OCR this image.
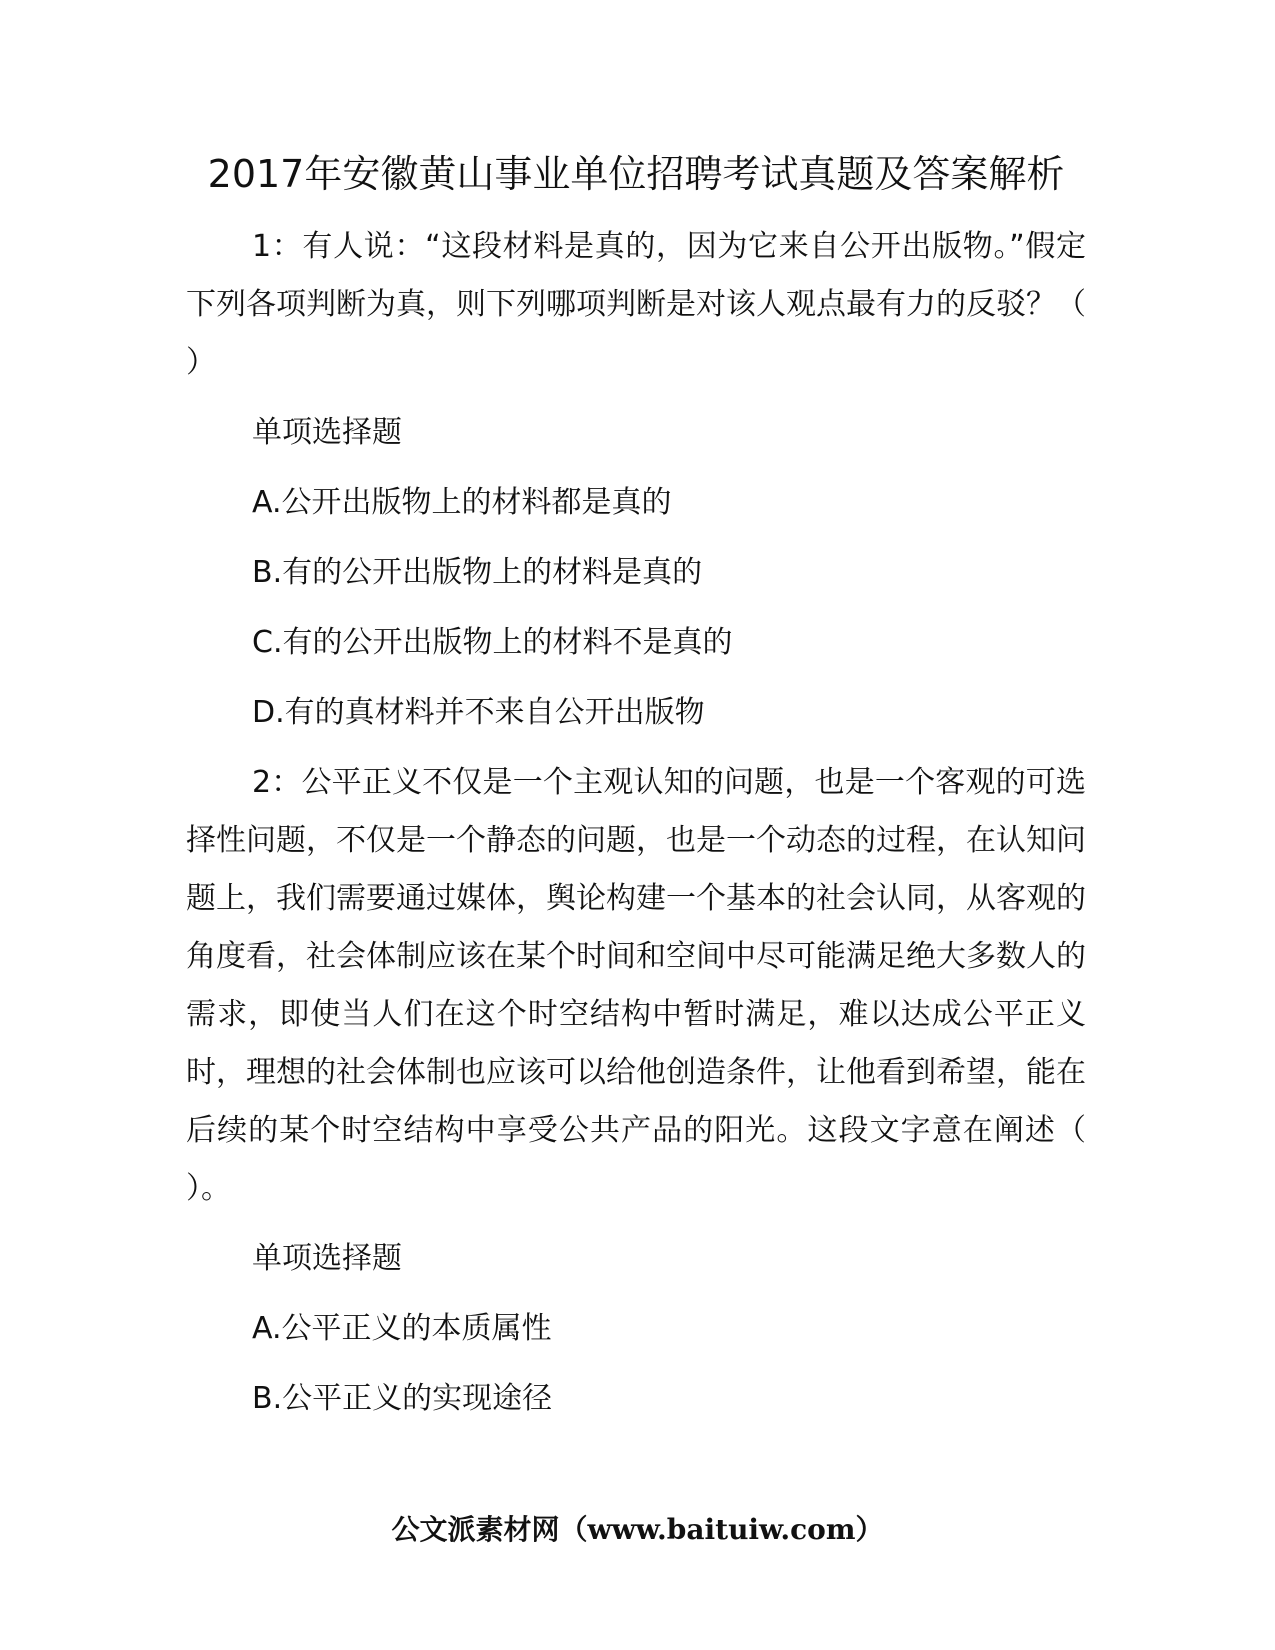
2017年安徽黄山事业单位招聘考试真题及答案解析

1：有人说：“这段材料是真的，因为它来自公开出版物。”假定下列各项判断为真，则下列哪项判断是对该人观点最有力的反驳？（ ）

单项选择题

A.公开出版物上的材料都是真的

B.有的公开出版物上的材料是真的

C.有的公开出版物上的材料不是真的

D.有的真材料并不来自公开出版物

2：公平正义不仅是一个主观认知的问题，也是一个客观的可选择性问题，不仅是一个静态的问题，也是一个动态的过程，在认知问题上，我们需要通过媒体，舆论构建一个基本的社会认同，从客观的角度看，社会体制应该在某个时间和空间中尽可能满足绝大多数人的需求，即使当人们在这个时空结构中暂时满足，难以达成公平正义时，理想的社会体制也应该可以给他创造条件，让他看到希望，能在后续的某个时空结构中享受公共产品的阳光。这段文字意在阐述（ ）。

单项选择题

A.公平正义的本质属性

B.公平正义的实现途径

公文派素材网（www.baituiw.com）
